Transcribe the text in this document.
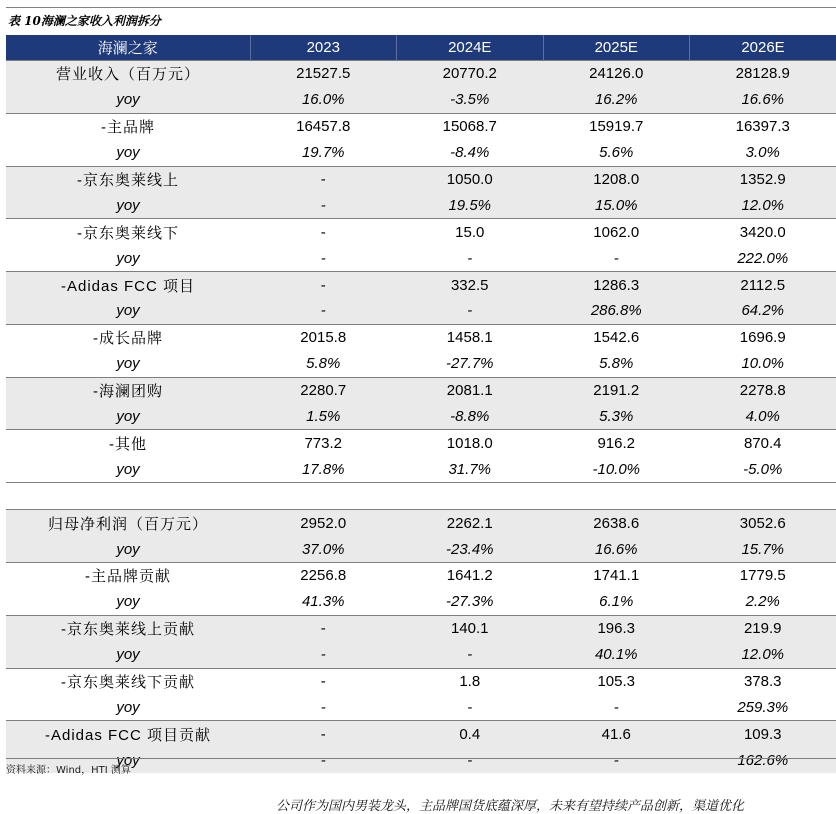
表 10海澜之家收入利润拆分
海澜之家	2023	2024E	2025E	2026E
营业收入（百万元）	21527.5	20770.2	24126.0	28128.9
yoy	16.0%	-3.5%	16.2%	16.6%
-主品牌	16457.8	15068.7	15919.7	16397.3
yoy	19.7%	-8.4%	5.6%	3.0%
-京东奥莱线上	-	1050.0	1208.0	1352.9
yoy	-	19.5%	15.0%	12.0%
-京东奥莱线下	-	15.0	1062.0	3420.0
yoy	-	-	-	222.0%
-Adidas FCC 项目	-	332.5	1286.3	2112.5
yoy	-	-	286.8%	64.2%
-成长品牌	2015.8	1458.1	1542.6	1696.9
yoy	5.8%	-27.7%	5.8%	10.0%
-海澜团购	2280.7	2081.1	2191.2	2278.8
yoy	1.5%	-8.8%	5.3%	4.0%
-其他	773.2	1018.0	916.2	870.4
yoy	17.8%	31.7%	-10.0%	-5.0%

归母净利润（百万元）	2952.0	2262.1	2638.6	3052.6
yoy	37.0%	-23.4%	16.6%	15.7%
-主品牌贡献	2256.8	1641.2	1741.1	1779.5
yoy	41.3%	-27.3%	6.1%	2.2%
-京东奥莱线上贡献	-	140.1	196.3	219.9
yoy	-	-	40.1%	12.0%
-京东奥莱线下贡献	-	1.8	105.3	378.3
yoy	-	-	-	259.3%
-Adidas FCC 项目贡献	-	0.4	41.6	109.3
yoy	-	-	-	162.6%
资料来源：Wind，HTI 测算
公司作为国内男装龙头，主品牌国货底蕴深厚，未来有望持续产品创新，渠道优化
